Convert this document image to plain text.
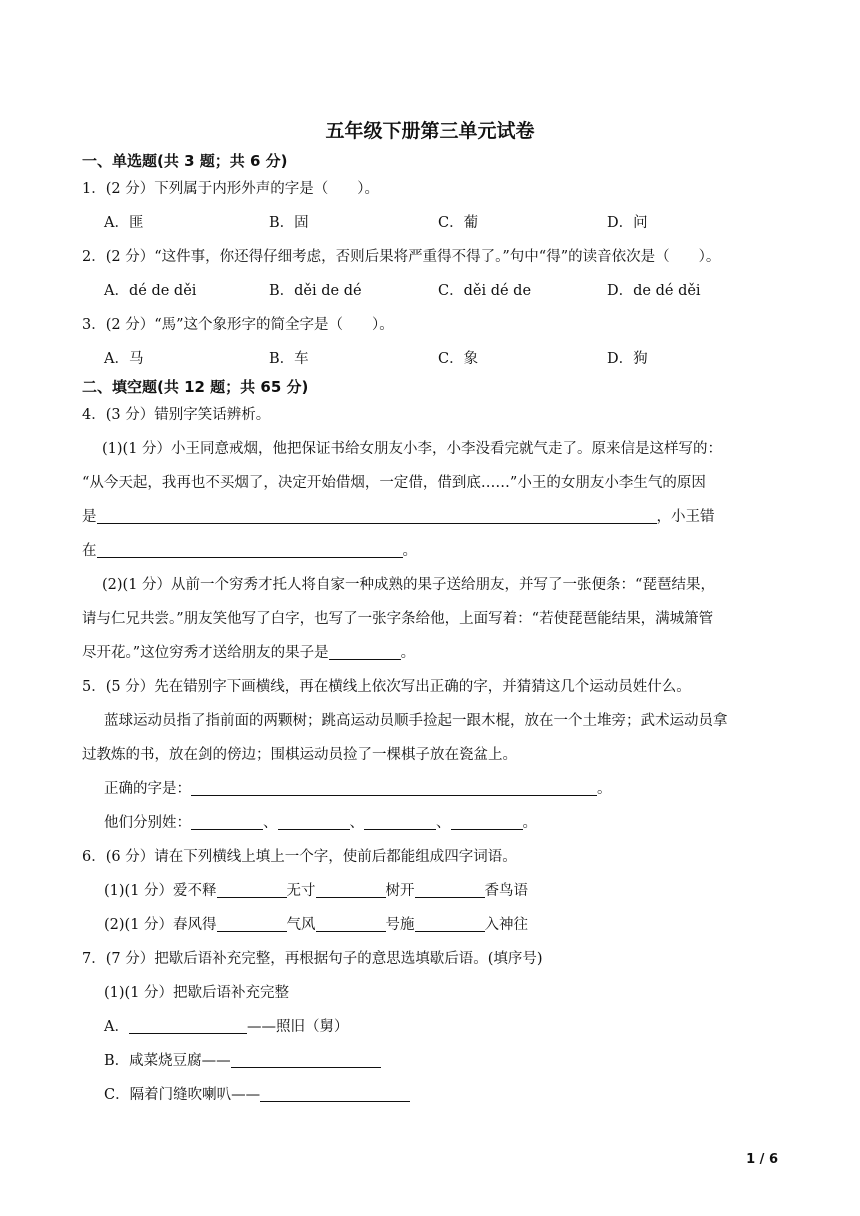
五年级下册第三单元试卷
一、单选题(共 3 题；共 6 分)
1．(2 分）下列属于内形外声的字是（　　）。
A．匪	B．固	C．葡	D．问
2．(2 分）“这件事，你还得仔细考虑，否则后果将严重得不得了。”句中“得”的读音依次是（　　）。
A．dé de děi	B．děi de dé	C．děi dé de	D．de dé děi
3．(2 分）“馬”这个象形字的简全字是（　　）。
A．马	B．车	C．象	D．狗
二、填空题(共 12 题；共 65 分)
4．(3 分）错别字笑话辨析。
(1)(1 分）小王同意戒烟，他把保证书给女朋友小李，小李没看完就气走了。原来信是这样写的：
“从今天起，我再也不买烟了，决定开始借烟，一定借，借到底……”小王的女朋友小李生气的原因
是	，小王错
在	。
(2)(1 分）从前一个穷秀才托人将自家一种成熟的果子送给朋友，并写了一张便条：“琵琶结果，
请与仁兄共尝。”朋友笑他写了白字，也写了一张字条给他，上面写着：“若使琵琶能结果，满城箫管
尽开花。”这位穷秀才送给朋友的果子是	。
5．(5 分）先在错别字下画横线，再在横线上依次写出正确的字，并猜猜这几个运动员姓什么。
蓝球运动员指了指前面的两颗树；跳高运动员顺手捡起一跟木棍，放在一个土堆旁；武术运动员拿
过教炼的书，放在剑的傍边；围棋运动员捡了一棵棋子放在瓷盆上。
正确的字是：	。
他们分别姓：	、	、	、	。
6．(6 分）请在下列横线上填上一个字，使前后都能组成四字词语。
(1)(1 分）爱不释	无寸	树开	香鸟语
(2)(1 分）春风得	气风	号施	入神往
7．(7 分）把歇后语补充完整，再根据句子的意思选填歇后语。(填序号)
(1)(1 分）把歇后语补充完整
A．	——照旧（舅）
B．咸菜烧豆腐——
C．隔着门缝吹喇叭——
1 / 6
